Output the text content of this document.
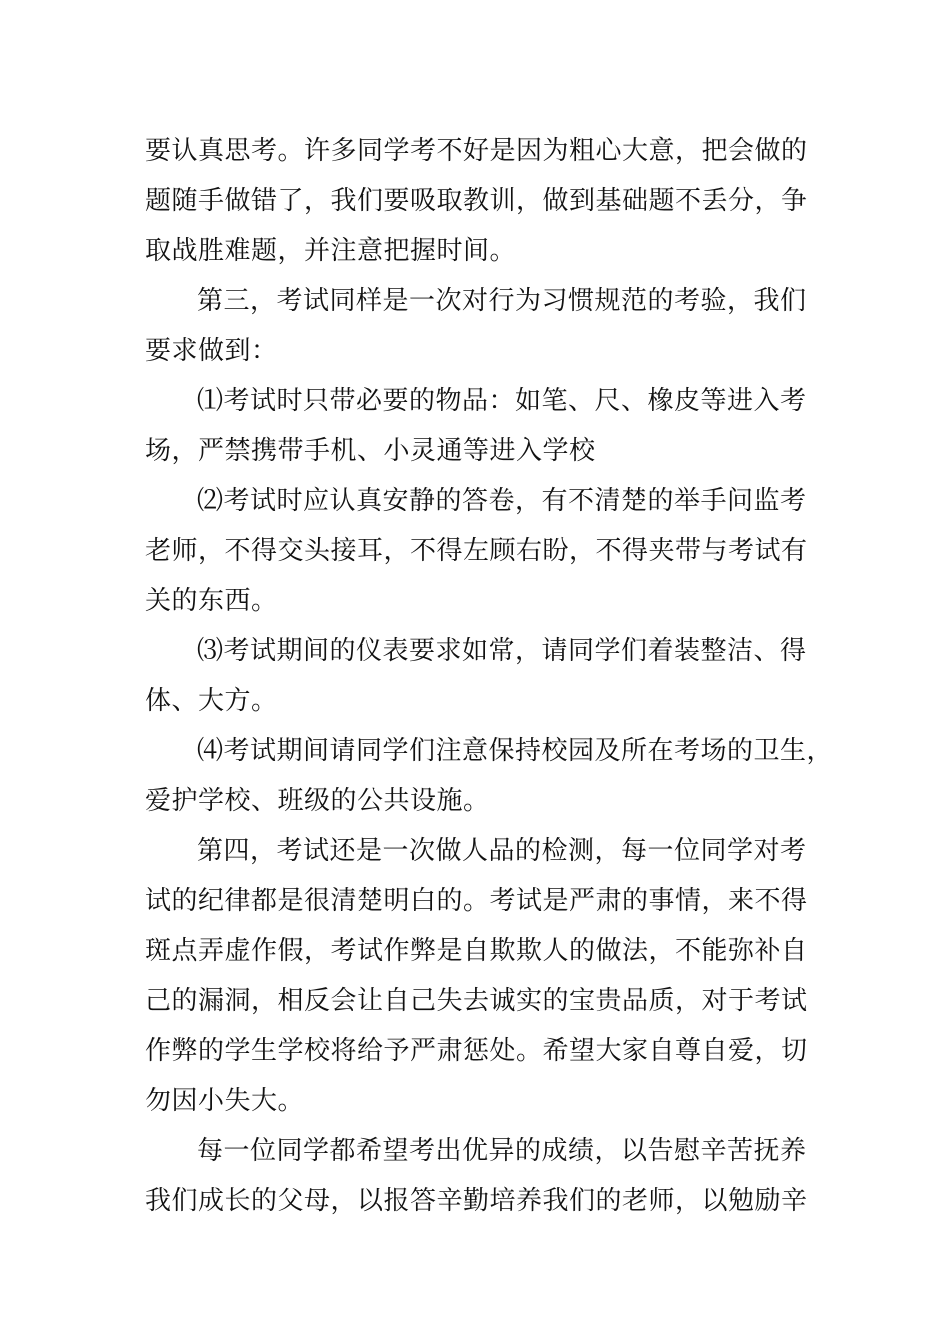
要认真思考。许多同学考不好是因为粗心大意，把会做的
题随手做错了，我们要吸取教训，做到基础题不丢分，争
取战胜难题，并注意把握时间。
第三，考试同样是一次对行为习惯规范的考验，我们
要求做到：
⑴考试时只带必要的物品：如笔、尺、橡皮等进入考
场，严禁携带手机、小灵通等进入学校
⑵考试时应认真安静的答卷，有不清楚的举手问监考
老师，不得交头接耳，不得左顾右盼，不得夹带与考试有
关的东西。
⑶考试期间的仪表要求如常，请同学们着装整洁、得
体、大方。
⑷考试期间请同学们注意保持校园及所在考场的卫生，
爱护学校、班级的公共设施。
第四，考试还是一次做人品的检测，每一位同学对考
试的纪律都是很清楚明白的。考试是严肃的事情，来不得
斑点弄虚作假，考试作弊是自欺欺人的做法，不能弥补自
己的漏洞，相反会让自己失去诚实的宝贵品质，对于考试
作弊的学生学校将给予严肃惩处。希望大家自尊自爱，切
勿因小失大。
每一位同学都希望考出优异的成绩，以告慰辛苦抚养
我们成长的父母，以报答辛勤培养我们的老师，以勉励辛
